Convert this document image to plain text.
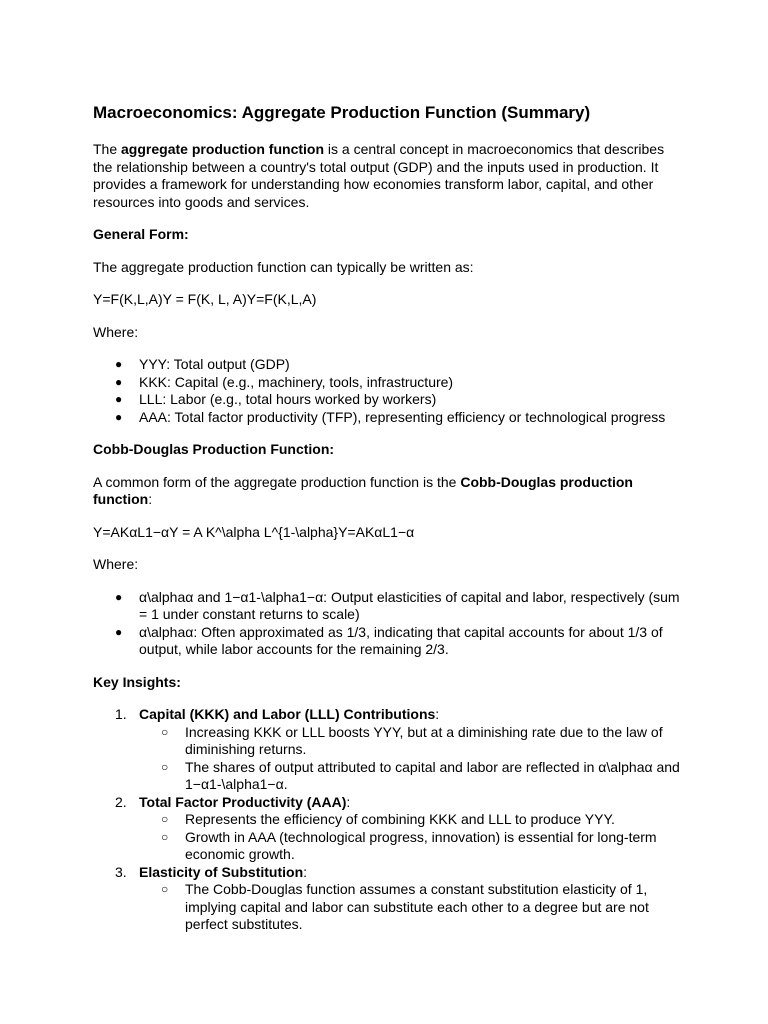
Macroeconomics: Aggregate Production Function (Summary)

The aggregate production function is a central concept in macroeconomics that describes the relationship between a country's total output (GDP) and the inputs used in production. It provides a framework for understanding how economies transform labor, capital, and other resources into goods and services.

General Form:

The aggregate production function can typically be written as:

Y=F(K,L,A)Y = F(K, L, A)Y=F(K,L,A)

Where:

● YYY: Total output (GDP)
● KKK: Capital (e.g., machinery, tools, infrastructure)
● LLL: Labor (e.g., total hours worked by workers)
● AAA: Total factor productivity (TFP), representing efficiency or technological progress
Cobb-Douglas Production Function:

A common form of the aggregate production function is the Cobb-Douglas production function:

Y=AKαL1−αY = A K^\alpha L^{1-\alpha}Y=AKαL1−α

Where:

● α\alphaα and 1−α1-\alpha1−α: Output elasticities of capital and labor, respectively (sum = 1 under constant returns to scale)
● α\alphaα: Often approximated as 1/3, indicating that capital accounts for about 1/3 of output, while labor accounts for the remaining 2/3.
Key Insights:
1. Capital (KKK) and Labor (LLL) Contributions:
○ Increasing KKK or LLL boosts YYY, but at a diminishing rate due to the law of diminishing returns.
○ The shares of output attributed to capital and labor are reflected in α\alphaα and 1−α1-\alpha1−α.
2. Total Factor Productivity (AAA):
○ Represents the efficiency of combining KKK and LLL to produce YYY.
○ Growth in AAA (technological progress, innovation) is essential for long-term economic growth.
3. Elasticity of Substitution:
○ The Cobb-Douglas function assumes a constant substitution elasticity of 1, implying capital and labor can substitute each other to a degree but are not perfect substitutes.
